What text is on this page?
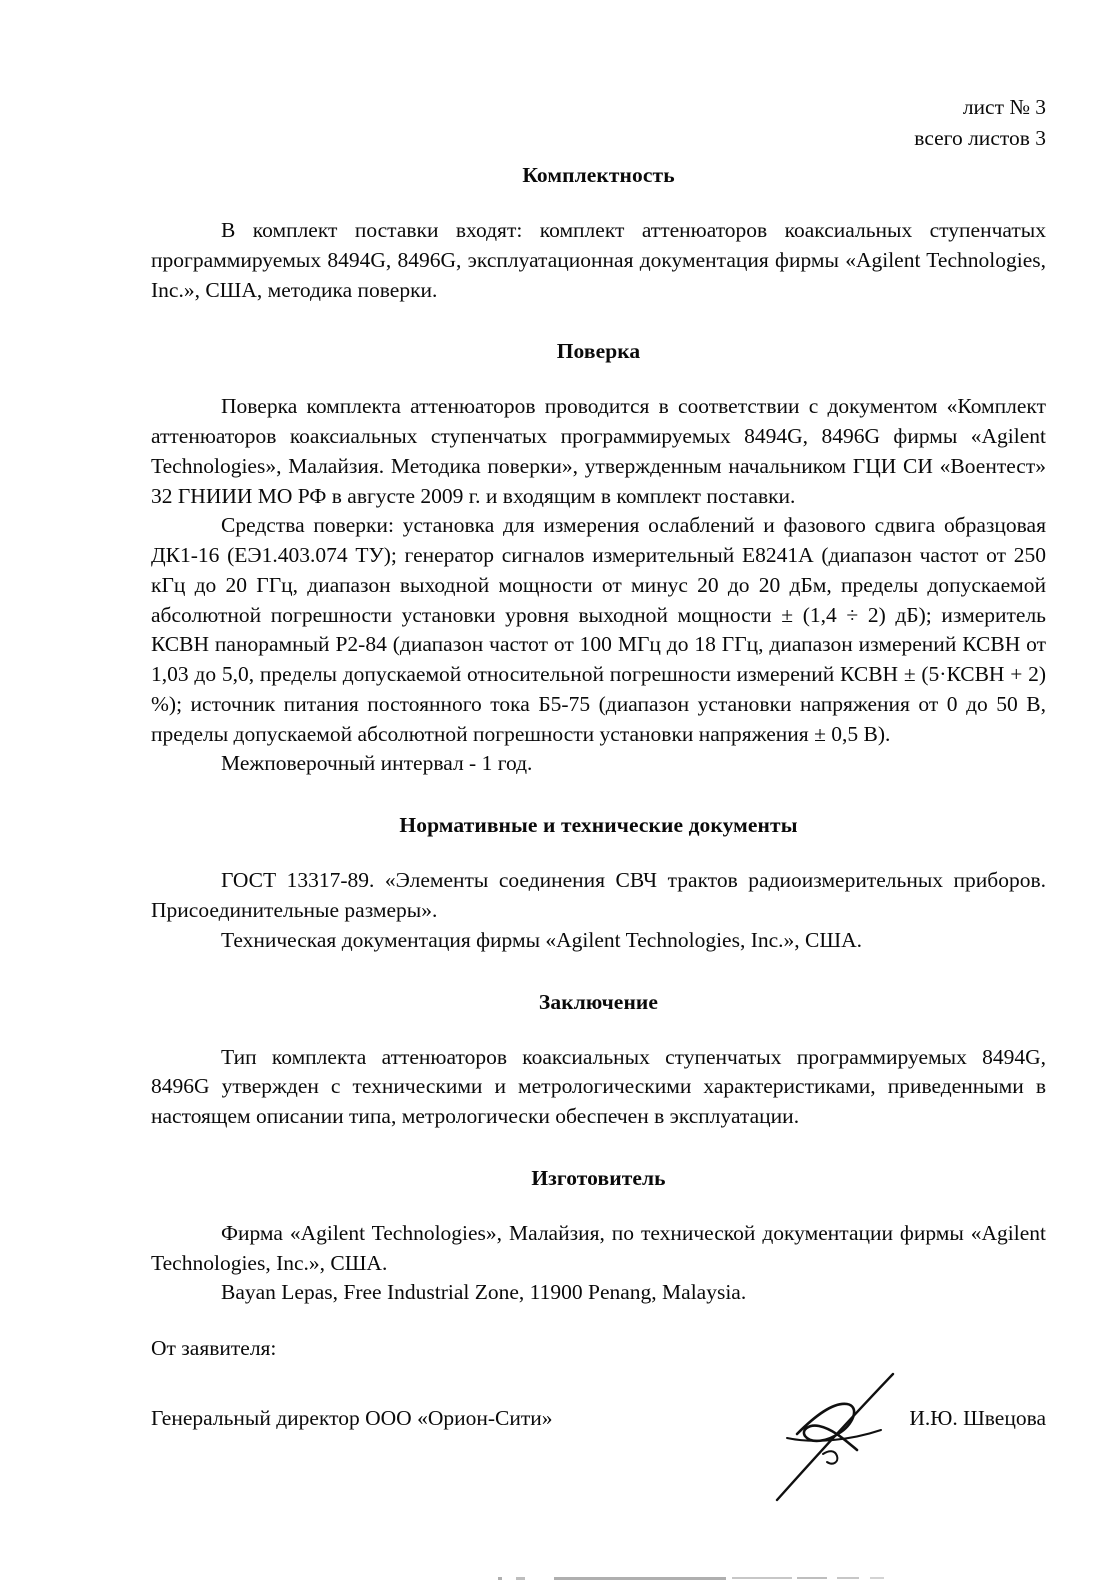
лист № 3
всего листов 3
Комплектность

В комплект поставки входят: комплект аттенюаторов коаксиальных ступенчатых программируемых 8494G, 8496G, эксплуатационная документация фирмы «Agilent Technologies, Inc.», США, методика поверки.

Поверка

Поверка комплекта аттенюаторов проводится в соответствии с документом «Комплект аттенюаторов коаксиальных ступенчатых программируемых 8494G, 8496G фирмы «Agilent Technologies», Малайзия. Методика поверки», утвержденным начальником ГЦИ СИ «Воентест» 32 ГНИИИ МО РФ в августе 2009 г. и входящим в комплект поставки.

Средства поверки: установка для измерения ослаблений и фазового сдвига образцовая ДК1-16 (ЕЭ1.403.074 ТУ); генератор сигналов измерительный Е8241А (диапазон частот от 250 кГц до 20 ГГц, диапазон выходной мощности от минус 20 до 20 дБм, пределы допускаемой абсолютной погрешности установки уровня выходной мощности ± (1,4 ÷ 2) дБ); измеритель КСВН панорамный Р2-84 (диапазон частот от 100 МГц до 18 ГГц, диапазон измерений КСВН от 1,03 до 5,0, пределы допускаемой относительной погрешности измерений КСВН ± (5·КСВН + 2) %); источник питания постоянного тока Б5-75 (диапазон установки напряжения от 0 до 50 В, пределы допускаемой абсолютной погрешности установки напряжения ± 0,5 В).

Межповерочный интервал - 1 год.

Нормативные и технические документы

ГОСТ 13317-89. «Элементы соединения СВЧ трактов радиоизмерительных приборов. Присоединительные размеры».

Техническая документация фирмы «Agilent Technologies, Inc.», США.

Заключение

Тип комплекта аттенюаторов коаксиальных ступенчатых программируемых 8494G, 8496G утвержден с техническими и метрологическими характеристиками, приведенными в настоящем описании типа, метрологически обеспечен в эксплуатации.

Изготовитель

Фирма «Agilent Technologies», Малайзия, по технической документации фирмы «Agilent Technologies, Inc.», США.

Bayan Lepas, Free Industrial Zone, 11900 Penang, Malaysia.

От заявителя:

Генеральный директор ООО «Орион-Сити»	И.Ю. Швецова
